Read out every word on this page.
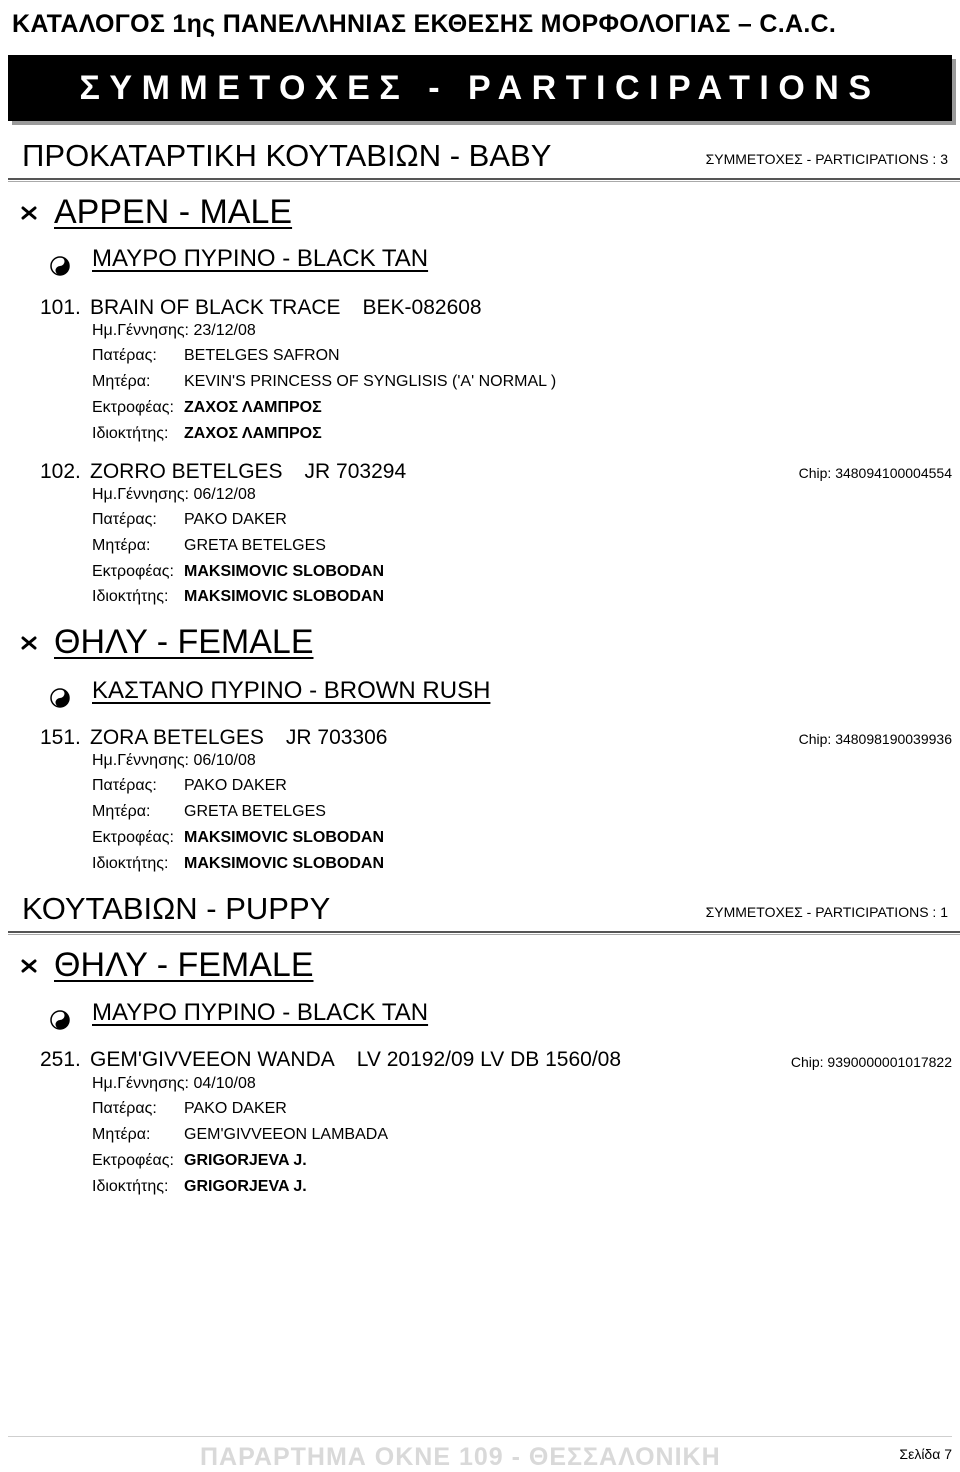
ΚΑΤΑΛΟΓΟΣ 1ης ΠΑΝΕΛΛΗΝΙΑΣ ΕΚΘΕΣΗΣ ΜΟΡΦΟΛΟΓΙΑΣ – C.A.C.
ΣΥΜΜΕΤΟΧΕΣ - PARTICIPATIONS
ΠΡΟΚΑΤΑΡΤΙΚΗ ΚΟΥΤΑΒΙΩΝ - BABY	ΣΥΜΜΕΤΟΧΕΣ - PARTICIPATIONS : 3
ΑΡΡΕΝ - MALE
ΜΑΥΡΟ ΠΥΡΙΝΟ - BLACK TAN
101. BRAIN OF BLACK TRACE BEK-082608
Ημ.Γέννησης: 23/12/08
Πατέρας: BETELGES SAFRON
Μητέρα: KEVIN'S PRINCESS OF SYNGLISIS ('A' NORMAL )
Εκτροφέας: ΖΑΧΟΣ ΛΑΜΠΡΟΣ
Ιδιοκτήτης: ΖΑΧΟΣ ΛΑΜΠΡΟΣ
102. ZORRO BETELGES JR 703294	Chip: 348094100004554
Ημ.Γέννησης: 06/12/08
Πατέρας: PAKO DAKER
Μητέρα: GRETA BETELGES
Εκτροφέας: MAKSIMOVIC SLOBODAN
Ιδιοκτήτης: MAKSIMOVIC SLOBODAN
ΘΗΛΥ - FEMALE
ΚΑΣΤΑΝΟ ΠΥΡΙΝΟ - BROWN RUSH
151. ZORA BETELGES JR 703306	Chip: 348098190039936
Ημ.Γέννησης: 06/10/08
Πατέρας: PAKO DAKER
Μητέρα: GRETA BETELGES
Εκτροφέας: MAKSIMOVIC SLOBODAN
Ιδιοκτήτης: MAKSIMOVIC SLOBODAN
ΚΟΥΤΑΒΙΩΝ - PUPPY	ΣΥΜΜΕΤΟΧΕΣ - PARTICIPATIONS : 1
ΘΗΛΥ - FEMALE
ΜΑΥΡΟ ΠΥΡΙΝΟ - BLACK TAN
251. GEM'GIVVEEON WANDA LV 20192/09 LV DB 1560/08	Chip: 9390000001017822
Ημ.Γέννησης: 04/10/08
Πατέρας: PAKO DAKER
Μητέρα: GEM'GIVVEEON LAMBADA
Εκτροφέας: GRIGORJEVA J.
Ιδιοκτήτης: GRIGORJEVA J.
ΠΑΡΑΡΤΗΜΑ ΟΚΝΕ 109 - ΘΕΣΣΑΛΟΝΙΚΗ	Σελίδα 7
